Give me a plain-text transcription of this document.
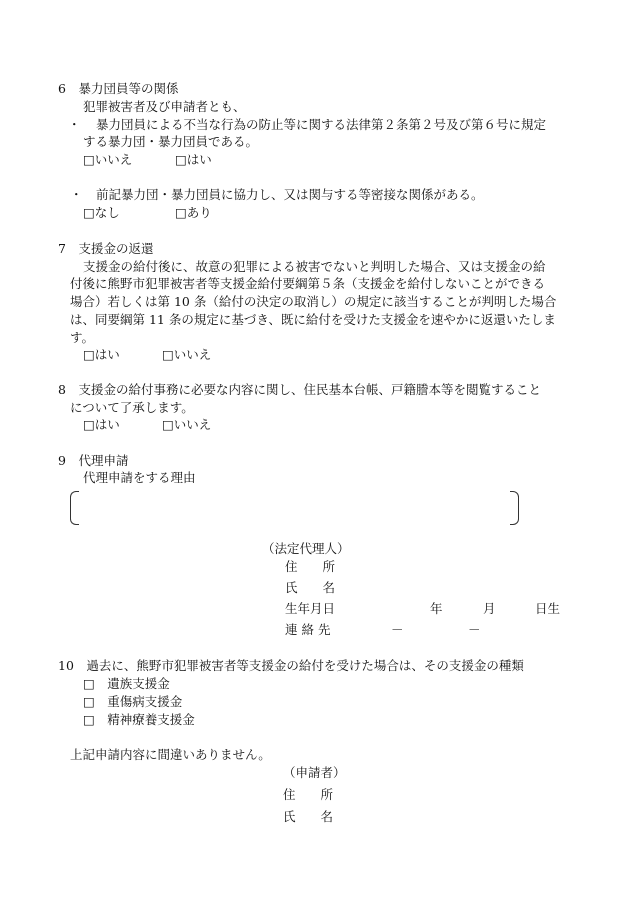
6　暴力団員等の関係
犯罪被害者及び申請者とも、
・ 暴力団員による不当な行為の防止等に関する法律第２条第２号及び第６号に規定
する暴力団・暴力団員である。
□いいえ	□はい
・ 前記暴力団・暴力団員に協力し、又は関与する等密接な関係がある。
□なし	□あり
7　支援金の返還
支援金の給付後に、故意の犯罪による被害でないと判明した場合、又は支援金の給
付後に熊野市犯罪被害者等支援金給付要綱第５条（支援金を給付しないことができる
場合）若しくは第 10 条（給付の決定の取消し）の規定に該当することが判明した場合
は、同要綱第 11 条の規定に基づき、既に給付を受けた支援金を速やかに返還いたしま
す。
□はい	□いいえ
8　支援金の給付事務に必要な内容に関し、住民基本台帳、戸籍謄本等を閲覧すること
について了承します。
□はい	□いいえ
9　代理申請
代理申請をする理由
（法定代理人）
住　　所
氏　　名
生年月日	年	月	日生
連 絡 先	－	－
10　過去に、熊野市犯罪被害者等支援金の給付を受けた場合は、その支援金の種類
□　遺族支援金
□　重傷病支援金
□　精神療養支援金
上記申請内容に間違いありません。
（申請者）
住　　所
氏　　名
